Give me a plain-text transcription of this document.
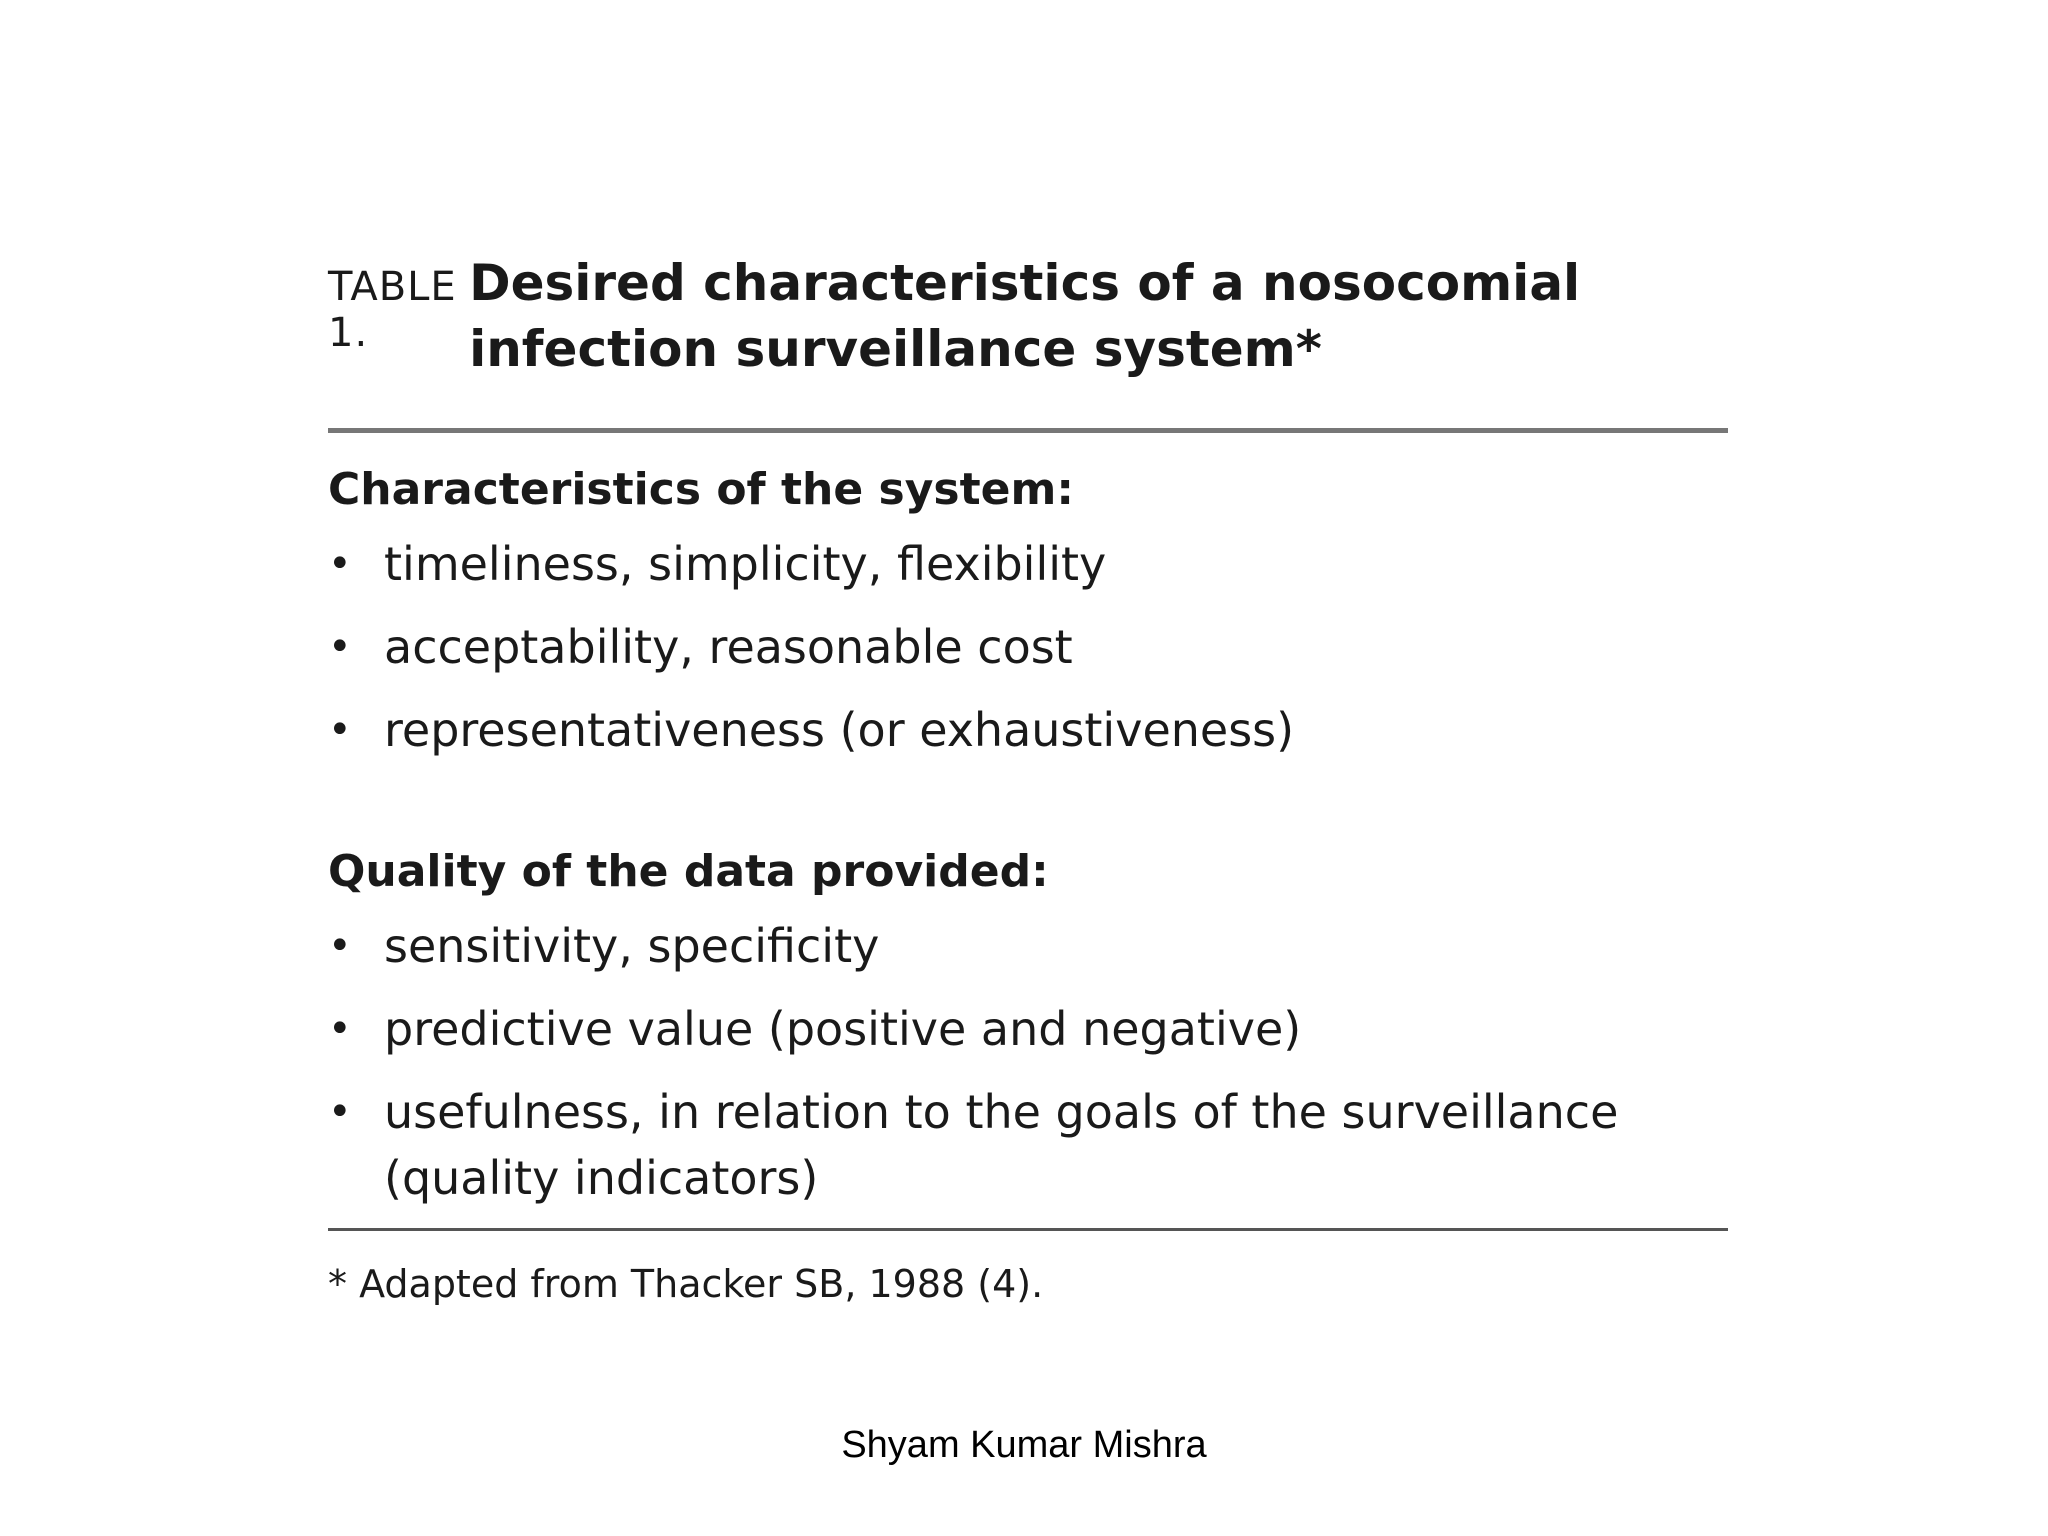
TABLE 1.
Desired characteristics of a nosocomial infection surveillance system*
Characteristics of the system:
• timeliness, simplicity, flexibility
• acceptability, reasonable cost
• representativeness (or exhaustiveness)
Quality of the data provided:
• sensitivity, specificity
• predictive value (positive and negative)
• usefulness, in relation to the goals of the surveillance (quality indicators)
* Adapted from Thacker SB, 1988 (4).
Shyam Kumar Mishra
